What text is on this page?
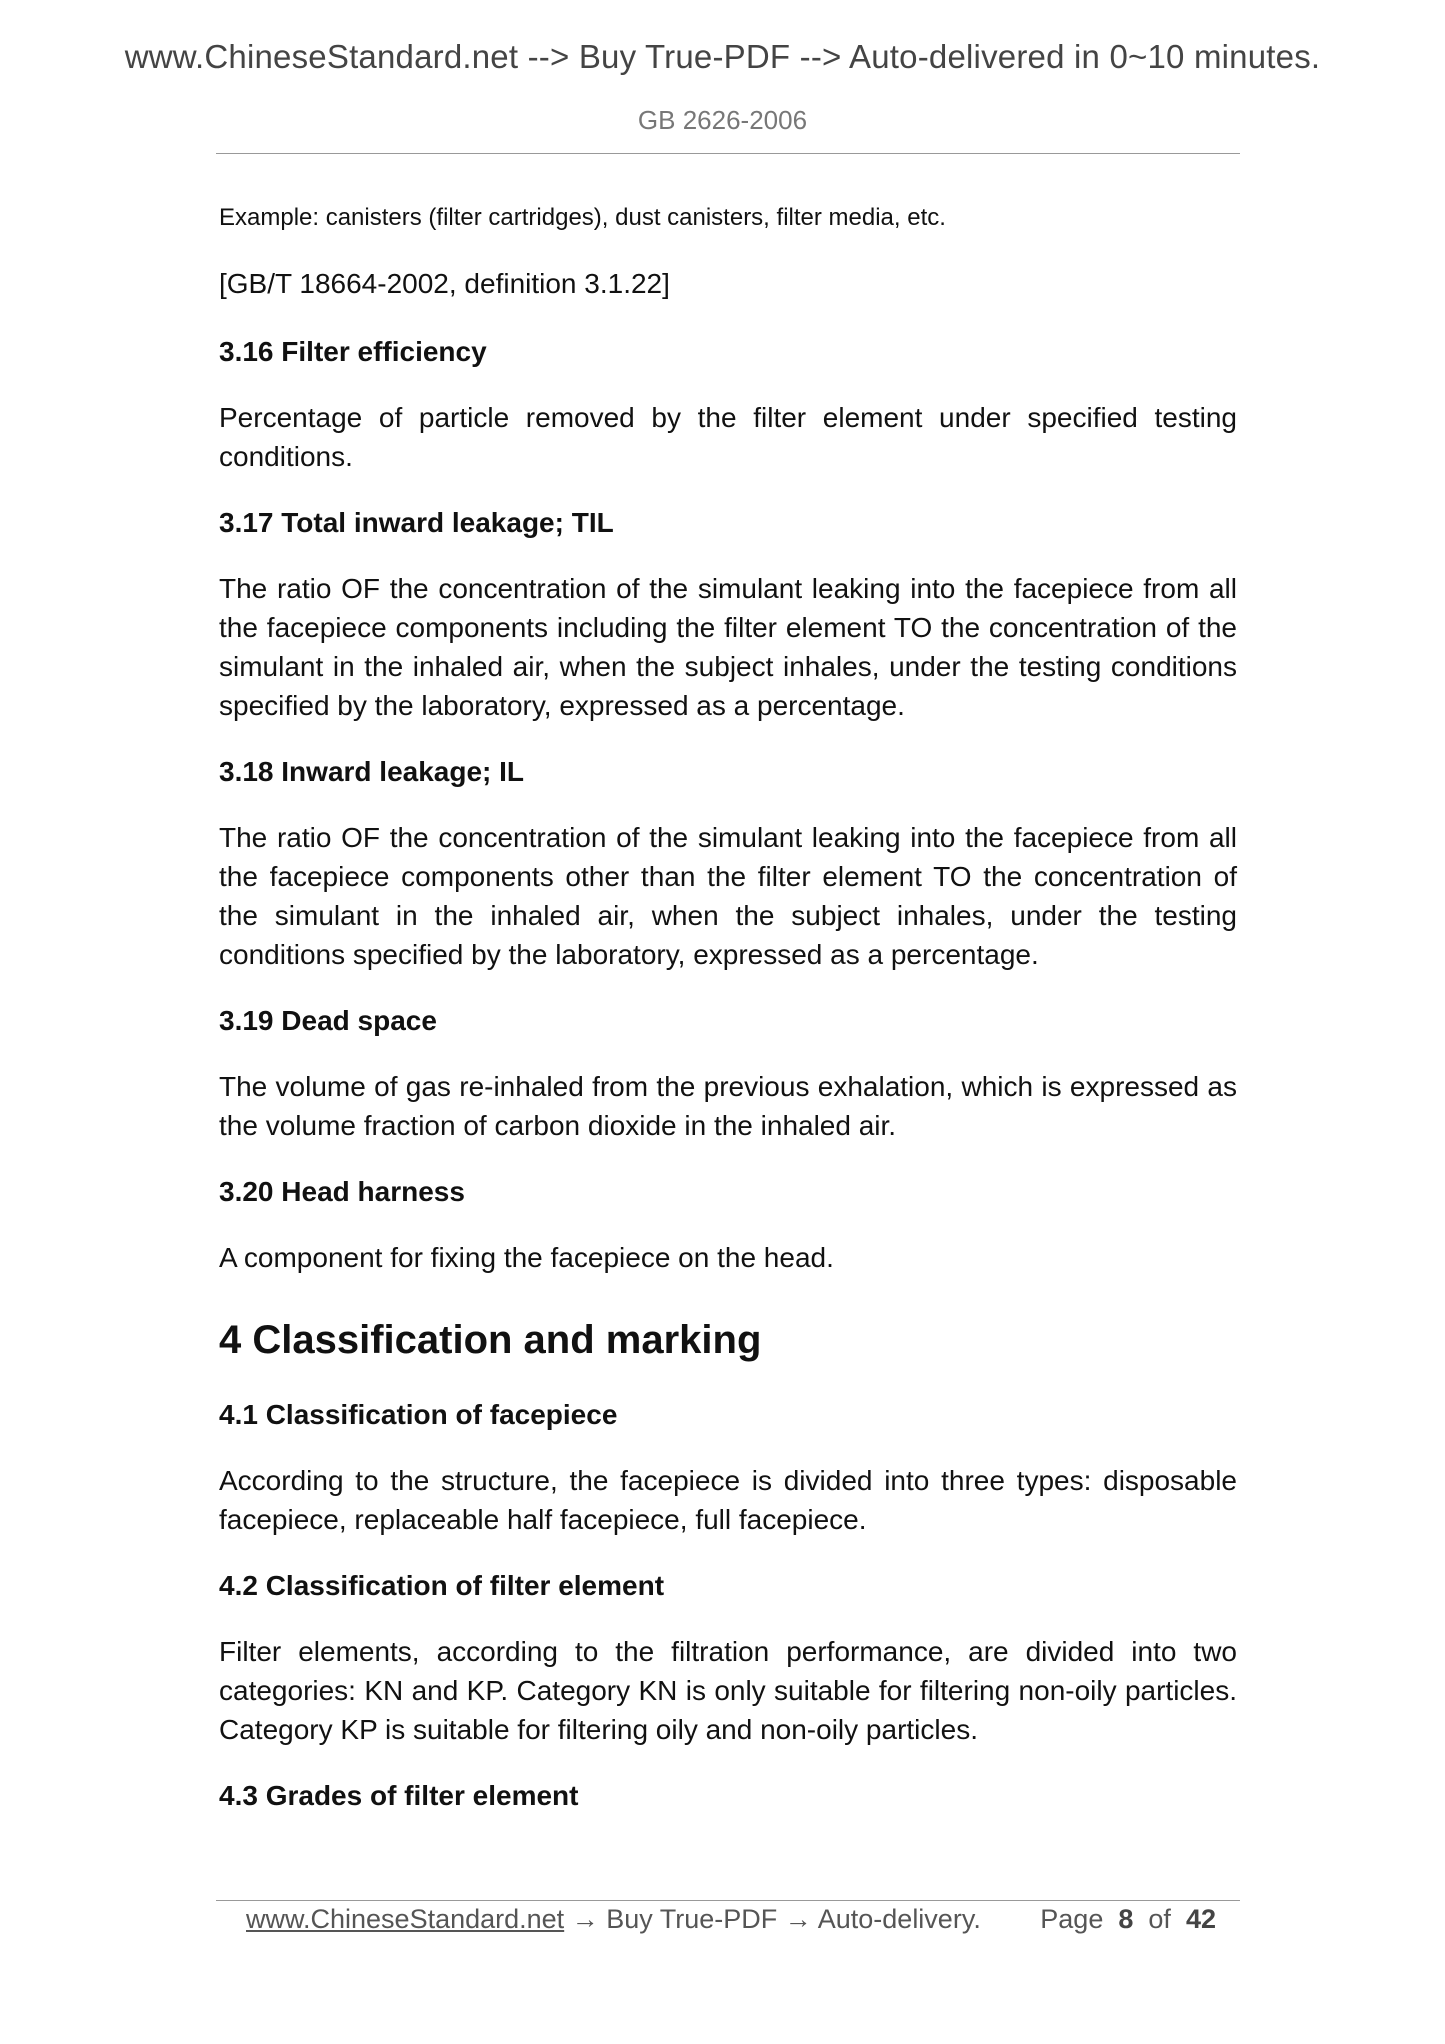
www.ChineseStandard.net --> Buy True-PDF --> Auto-delivered in 0~10 minutes.
GB 2626-2006

Example: canisters (filter cartridges), dust canisters, filter media, etc.

[GB/T 18664-2002, definition 3.1.22]

3.16 Filter efficiency

Percentage of particle removed by the filter element under specified testing conditions.

3.17 Total inward leakage; TIL

The ratio OF the concentration of the simulant leaking into the facepiece from all the facepiece components including the filter element TO the concentration of the simulant in the inhaled air, when the subject inhales, under the testing conditions specified by the laboratory, expressed as a percentage.

3.18 Inward leakage; IL

The ratio OF the concentration of the simulant leaking into the facepiece from all the facepiece components other than the filter element TO the concentration of the simulant in the inhaled air, when the subject inhales, under the testing conditions specified by the laboratory, expressed as a percentage.

3.19 Dead space

The volume of gas re-inhaled from the previous exhalation, which is expressed as the volume fraction of carbon dioxide in the inhaled air.

3.20 Head harness

A component for fixing the facepiece on the head.

4 Classification and marking

4.1 Classification of facepiece

According to the structure, the facepiece is divided into three types: disposable facepiece, replaceable half facepiece, full facepiece.

4.2 Classification of filter element

Filter elements, according to the filtration performance, are divided into two categories: KN and KP. Category KN is only suitable for filtering non-oily particles. Category KP is suitable for filtering oily and non-oily particles.

4.3 Grades of filter element

www.ChineseStandard.net → Buy True-PDF → Auto-delivery. Page 8 of 42
